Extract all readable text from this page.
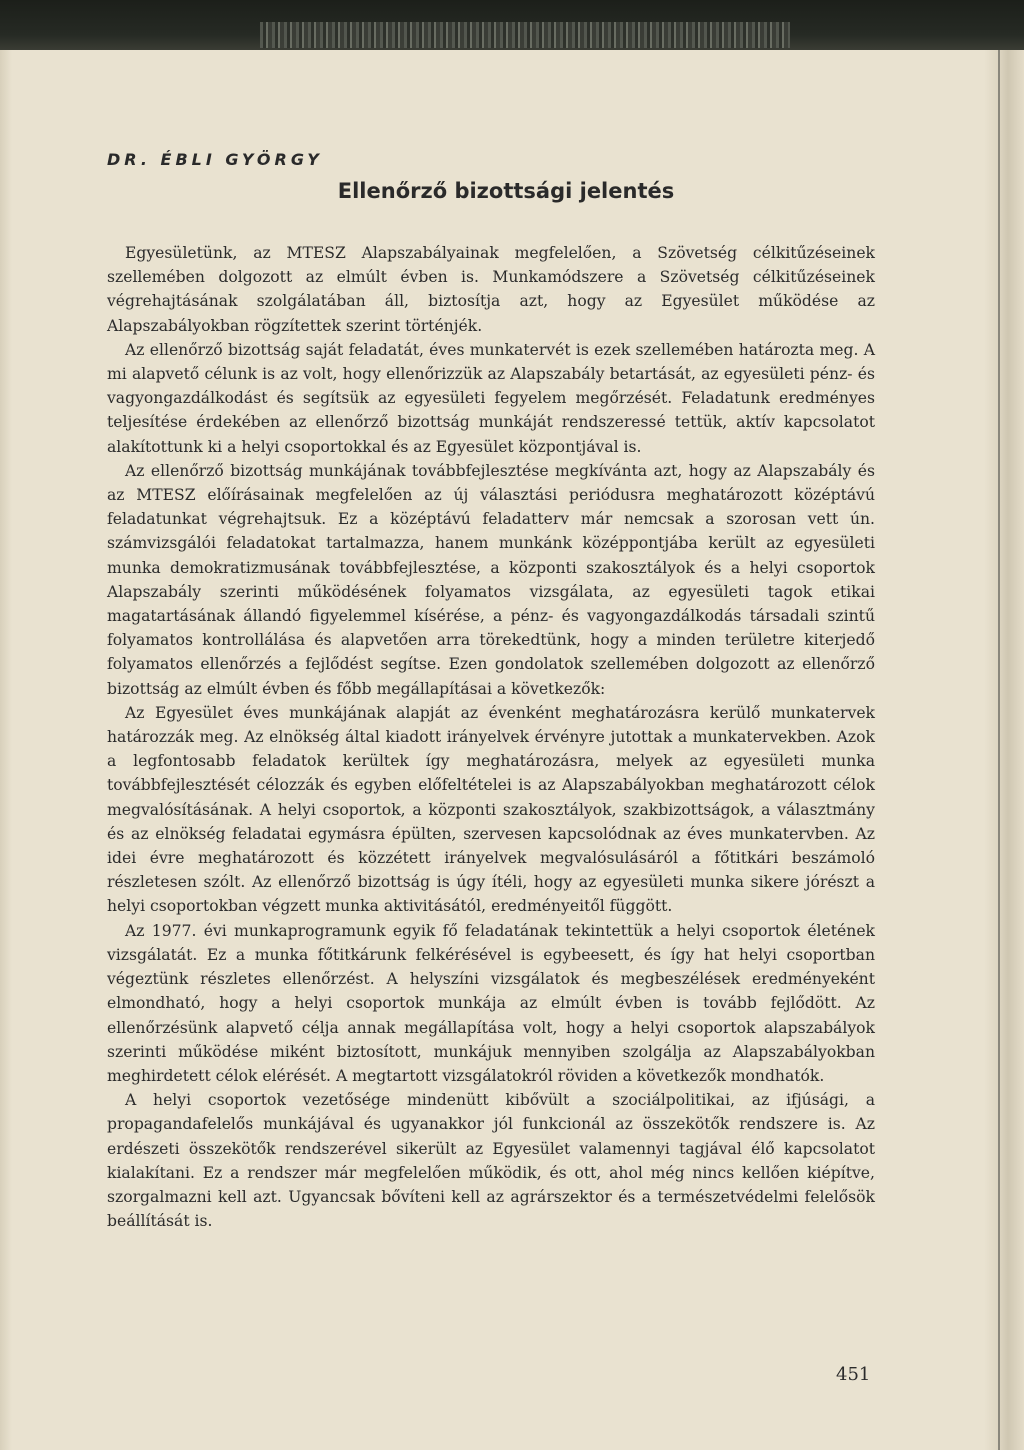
DR. ÉBLI GYÖRGY
Ellenőrző bizottsági jelentés

Egyesületünk, az MTESZ Alapszabályainak megfelelően, a Szövetség célkitűzéseinek szellemében dolgozott az elmúlt évben is. Munkamódszere a Szövetség célkitűzéseinek végrehajtásának szolgálatában áll, biztosítja azt, hogy az Egyesület működése az Alapszabályokban rögzítettek szerint történjék.

Az ellenőrző bizottság saját feladatát, éves munkatervét is ezek szellemében határozta meg. A mi alapvető célunk is az volt, hogy ellenőrizzük az Alapszabály betartását, az egyesületi pénz- és vagyongazdálkodást és segítsük az egyesületi fegyelem megőrzését. Feladatunk eredményes teljesítése érdekében az ellenőrző bizottság munkáját rendszeressé tettük, aktív kapcsolatot alakítottunk ki a helyi csoportokkal és az Egyesület központjával is.

Az ellenőrző bizottság munkájának továbbfejlesztése megkívánta azt, hogy az Alapszabály és az MTESZ előírásainak megfelelően az új választási periódusra meghatározott középtávú feladatunkat végrehajtsuk. Ez a középtávú feladatterv már nemcsak a szorosan vett ún. számvizsgálói feladatokat tartalmazza, hanem munkánk középpontjába került az egyesületi munka demokratizmusának továbbfejlesztése, a központi szakosztályok és a helyi csoportok Alapszabály szerinti működésének folyamatos vizsgálata, az egyesületi tagok etikai magatartásának állandó figyelemmel kísérése, a pénz- és vagyongazdálkodás társadali szintű folyamatos kontrollálása és alapvetően arra törekedtünk, hogy a minden területre kiterjedő folyamatos ellenőrzés a fejlődést segítse. Ezen gondolatok szellemében dolgozott az ellenőrző bizottság az elmúlt évben és főbb megállapításai a következők:

Az Egyesület éves munkájának alapját az évenként meghatározásra kerülő munkatervek határozzák meg. Az elnökség által kiadott irányelvek érvényre jutottak a munkatervekben. Azok a legfontosabb feladatok kerültek így meghatározásra, melyek az egyesületi munka továbbfejlesztését célozzák és egyben előfeltételei is az Alapszabályokban meghatározott célok megvalósításának. A helyi csoportok, a központi szakosztályok, szakbizottságok, a választmány és az elnökség feladatai egymásra épülten, szervesen kapcsolódnak az éves munkatervben. Az idei évre meghatározott és közzétett irányelvek megvalósulásáról a főtitkári beszámoló részletesen szólt. Az ellenőrző bizottság is úgy ítéli, hogy az egyesületi munka sikere jórészt a helyi csoportokban végzett munka aktivitásától, eredményeitől függött.

Az 1977. évi munkaprogramunk egyik fő feladatának tekintettük a helyi csoportok életének vizsgálatát. Ez a munka főtitkárunk felkérésével is egybeesett, és így hat helyi csoportban végeztünk részletes ellenőrzést. A helyszíni vizsgálatok és megbeszélések eredményeként elmondható, hogy a helyi csoportok munkája az elmúlt évben is tovább fejlődött. Az ellenőrzésünk alapvető célja annak megállapítása volt, hogy a helyi csoportok alapszabályok szerinti működése miként biztosított, munkájuk mennyiben szolgálja az Alapszabályokban meghirdetett célok elérését. A megtartott vizsgálatokról röviden a következők mondhatók.

A helyi csoportok vezetősége mindenütt kibővült a szociálpolitikai, az ifjúsági, a propagandafelelős munkájával és ugyanakkor jól funkcionál az összekötők rendszere is. Az erdészeti összekötők rendszerével sikerült az Egyesület valamennyi tagjával élő kapcsolatot kialakítani. Ez a rendszer már megfelelően működik, és ott, ahol még nincs kellően kiépítve, szorgalmazni kell azt. Ugyancsak bővíteni kell az agrárszektor és a természetvédelmi felelősök beállítását is.

451
